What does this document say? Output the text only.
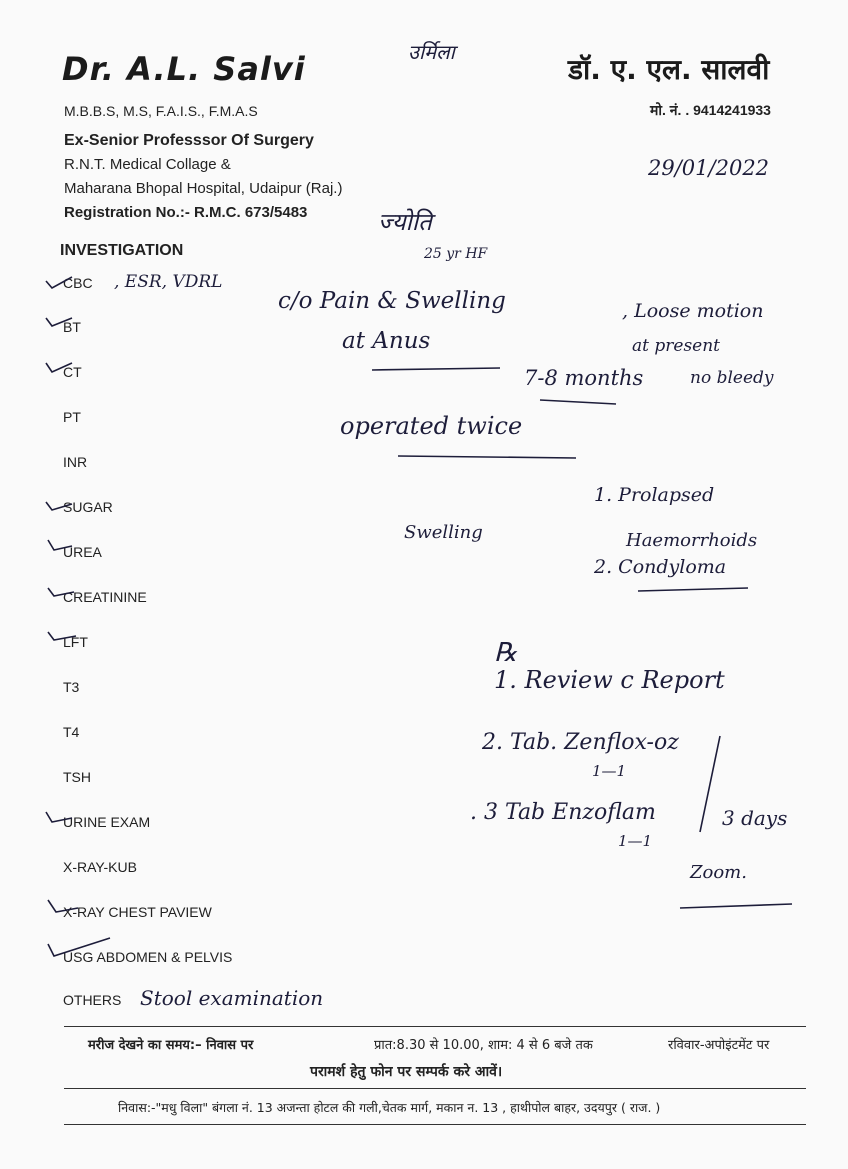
Dr. A.L. Salvi	डॉ. ए. एल. सालवी
M.B.B.S, M.S, F.A.I.S., F.M.A.S	मो. नं. . 9414241933
Ex-Senior Professsor Of Surgery
R.N.T. Medical Collage &
Maharana Bhopal Hospital, Udaipur (Raj.)
Registration No.:- R.M.C. 673/5483
उर्मिला
29/01/2022
ज्योति
25 yr HF
INVESTIGATION
CBC
BT
CT
PT
INR
SUGAR
UREA
CREATININE
LFT
T3
T4
TSH
URINE EXAM
X-RAY-KUB
X-RAY CHEST PAVIEW
USG ABDOMEN & PELVIS
OTHERS
, ESR, VDRL
c/o Pain & Swelling	, Loose motion
at Anus	at present
7-8 months	no bleedy
operated twice
Swelling
1. Prolapsed
Haemorrhoids
2. Condyloma
℞
1. Review c Report
2. Tab. Zenflox-oz
1—1
. 3 Tab Enzoflam
1—1
3 days
Zoom.
Stool examination
मरीज देखने का समय:– निवास पर	प्रात:8.30 से 10.00, शाम: 4 से 6 बजे तक	रविवार-अपोइंटमेंट पर
परामर्श हेतु फोन पर सम्पर्क करे आवें।
निवास:-"मधु विला" बंगला नं. 13 अजन्ता होटल की गली,चेतक मार्ग, मकान न. 13 , हाथीपोल बाहर, उदयपुर ( राज. )
